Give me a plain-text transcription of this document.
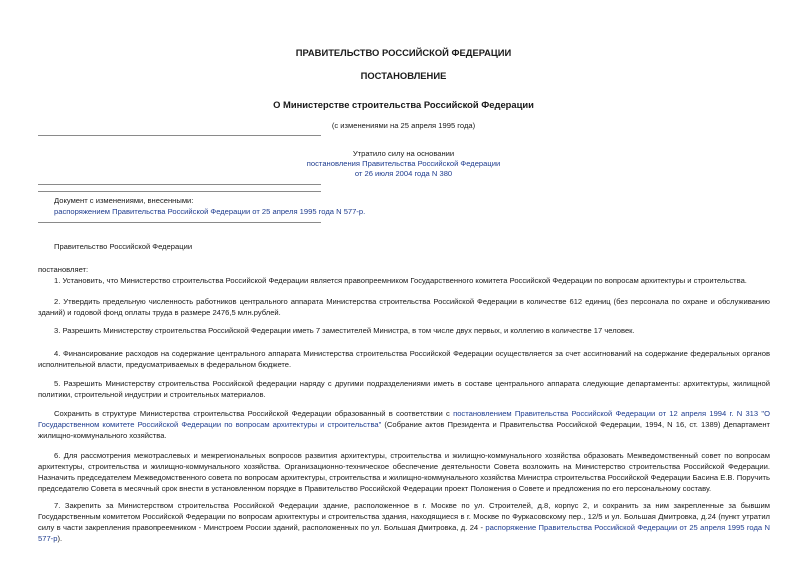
ПРАВИТЕЛЬСТВО РОССИЙСКОЙ ФЕДЕРАЦИИ
ПОСТАНОВЛЕНИЕ
О Министерстве строительства Российской Федерации
(с изменениями на 25 апреля 1995 года)
Утратило силу на основании
постановления Правительства Российской Федерации
от 26 июля 2004 года N 380
Документ с изменениями, внесенными:
распоряжением Правительства Российской Федерации от 25 апреля 1995 года N 577-р.
Правительство Российской Федерации
постановляет:
1. Установить, что Министерство строительства Российской Федерации является правопреемником Государственного комитета Российской Федерации по вопросам архитектуры и строительства.
2. Утвердить предельную численность работников центрального аппарата Министерства строительства Российской Федерации в количестве 612 единиц (без персонала по охране и обслуживанию зданий) и годовой фонд оплаты труда в размере 2476,5 млн.рублей.
3. Разрешить Министерству строительства Российской Федерации иметь 7 заместителей Министра, в том числе двух первых, и коллегию в количестве 17 человек.
4. Финансирование расходов на содержание центрального аппарата Министерства строительства Российской Федерации осуществляется за счет ассигнований на содержание федеральных органов исполнительной власти, предусматриваемых в федеральном бюджете.
5. Разрешить Министерству строительства Российской федерации наряду с другими подразделениями иметь в составе центрального аппарата следующие департаменты: архитектуры, жилищной политики, строительной индустрии и строительных материалов.
Сохранить в структуре Министерства строительства Российской Федерации образованный в соответствии с постановлением Правительства Российской Федерации от 12 апреля 1994 г. N 313 "О Государственном комитете Российской Федерации по вопросам архитектуры и строительства" (Собрание актов Президента и Правительства Российской Федерации, 1994, N 16, ст. 1389) Департамент жилищно-коммунального хозяйства.
6. Для рассмотрения межотраслевых и межрегиональных вопросов развития архитектуры, строительства и жилищно-коммунального хозяйства образовать Межведомственный совет по вопросам архитектуры, строительства и жилищно-коммунального хозяйства. Организационно-техническое обеспечение деятельности Совета возложить на Министерство строительства Российской Федерации. Назначить председателем Межведомственного совета по вопросам архитектуры, строительства и жилищно-коммунального хозяйства Министра строительства Российской Федерации Басина Е.В. Поручить председателю Совета в месячный срок внести в установленном порядке в Правительство Российской Федерации проект Положения о Совете и предложения по его персональному составу.
7. Закрепить за Министерством строительства Российской Федерации здание, расположенное в г. Москве по ул. Строителей, д.8, корпус 2, и сохранить за ним закрепленные за бывшим Государственным комитетом Российской Федерации по вопросам архитектуры и строительства здания, находящиеся в г. Москве по Фуркасовскому пер., 12/5 и ул. Большая Дмитровка, д.24 (пункт утратил силу в части закрепления правопреемником - Минстроем России зданий, расположенных по ул. Большая Дмитровка, д. 24 - распоряжение Правительства Российской Федерации от 25 апреля 1995 года N 577-р).
